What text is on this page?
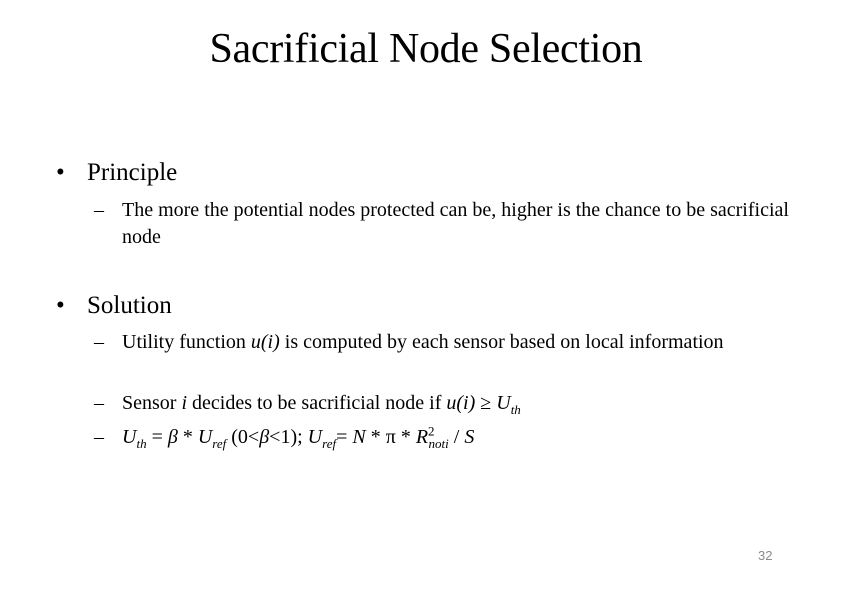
Sacrificial Node Selection
• Principle
– The more the potential nodes protected can be, higher is the chance to be sacrificial node
• Solution
– Utility function u(i) is computed by each sensor based on local information
– Sensor i decides to be sacrificial node if $u(i) \ge U_{th}$
– $U_{th} = \beta * U_{ref}$ (0<β<1); $U_{ref}= N * \pi * R^2_{noti} / S$
32
